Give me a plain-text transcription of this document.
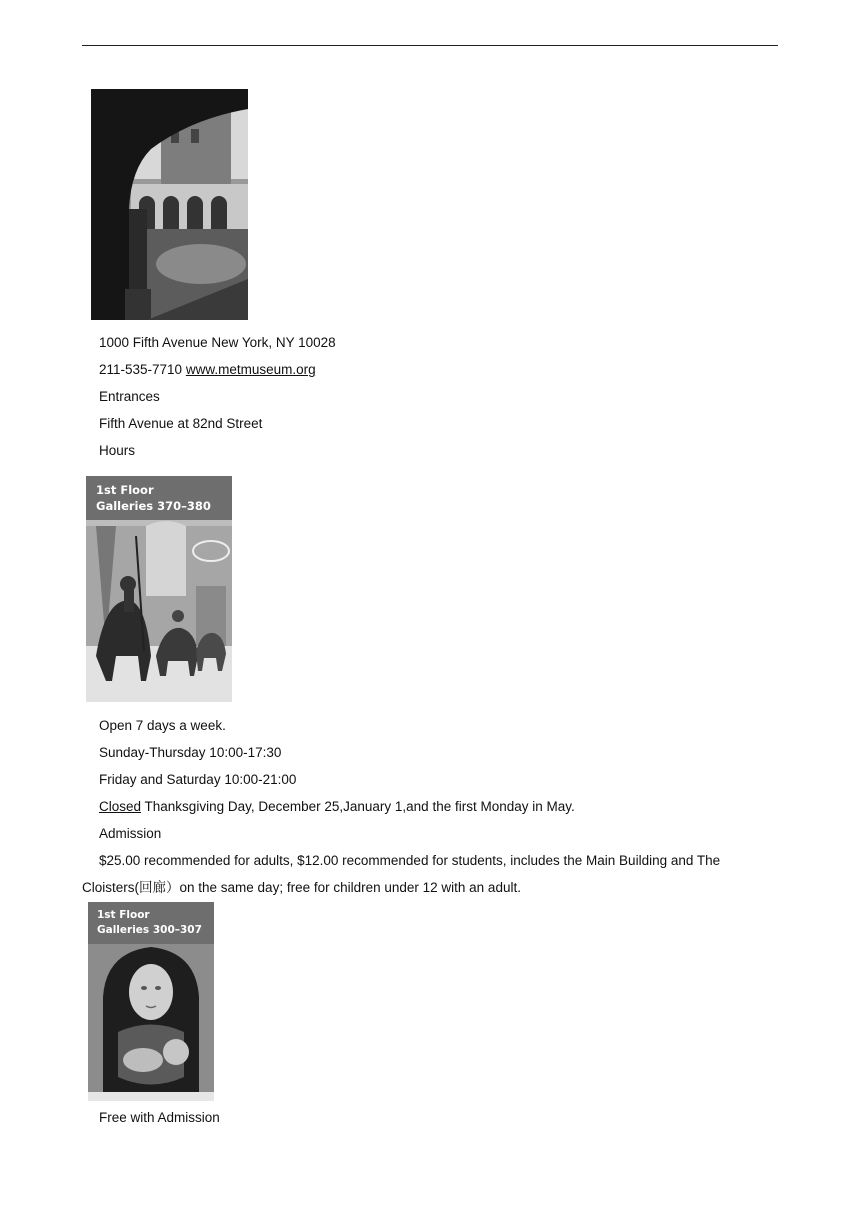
1000 Fifth Avenue New York, NY 10028
211-535-7710 www.metmuseum.org
Entrances
Fifth Avenue at 82nd Street
Hours
1st Floor
Galleries 370–380
Open 7 days a week.
Sunday-Thursday 10:00-17:30
Friday and Saturday 10:00-21:00
Closed Thanksgiving Day, December 25,January 1,and the first Monday in May.
Admission
$25.00 recommended for adults, $12.00 recommended for students, includes the Main Building and The
Cloisters(回廊）on the same day; free for children under 12 with an adult.
1st Floor
Galleries 300–307
Free with Admission
